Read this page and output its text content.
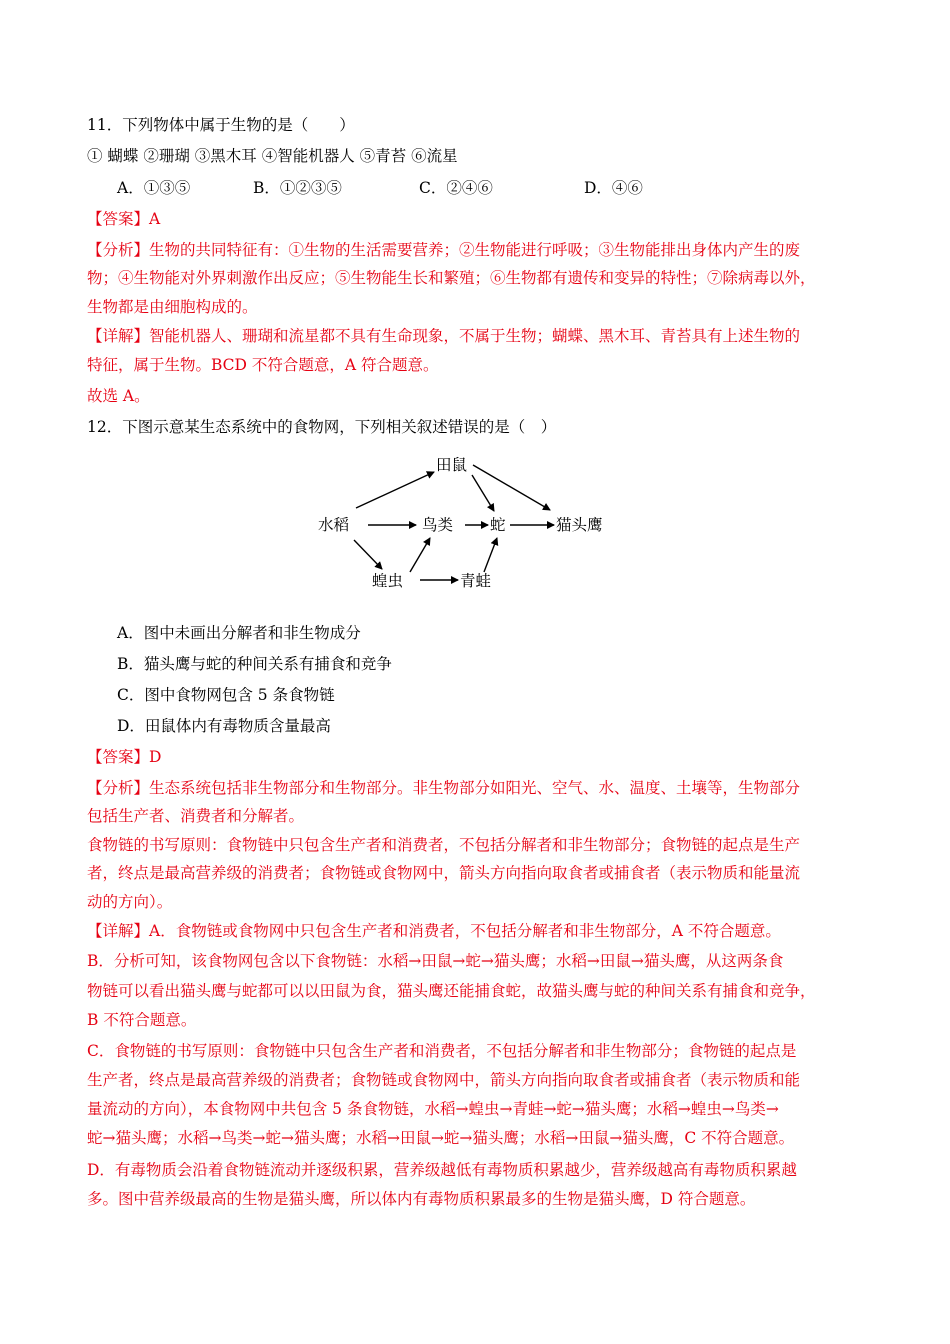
11．下列物体中属于生物的是（　　）
① 蝴蝶 ②珊瑚 ③黑木耳 ④智能机器人 ⑤青苔 ⑥流星
A．①③⑤	B．①②③⑤	C．②④⑥	D．④⑥
【答案】A
【分析】生物的共同特征有：①生物的生活需要营养；②生物能进行呼吸；③生物能排出身体内产生的废
物；④生物能对外界刺激作出反应；⑤生物能生长和繁殖；⑥生物都有遗传和变异的特性；⑦除病毒以外，
生物都是由细胞构成的。
【详解】智能机器人、珊瑚和流星都不具有生命现象，不属于生物；蝴蝶、黑木耳、青苔具有上述生物的
特征，属于生物。BCD 不符合题意，A 符合题意。
故选 A。
12．下图示意某生态系统中的食物网，下列相关叙述错误的是（　）
田鼠
水稻	鸟类 蛇	猫头鹰
蝗虫	青蛙
A．图中未画出分解者和非生物成分
B．猫头鹰与蛇的种间关系有捕食和竞争
C．图中食物网包含 5 条食物链
D．田鼠体内有毒物质含量最高
【答案】D
【分析】生态系统包括非生物部分和生物部分。非生物部分如阳光、空气、水、温度、土壤等，生物部分
包括生产者、消费者和分解者。
食物链的书写原则：食物链中只包含生产者和消费者，不包括分解者和非生物部分；食物链的起点是生产
者，终点是最高营养级的消费者；食物链或食物网中，箭头方向指向取食者或捕食者（表示物质和能量流
动的方向）。
【详解】A．食物链或食物网中只包含生产者和消费者，不包括分解者和非生物部分，A 不符合题意。
B．分析可知，该食物网包含以下食物链：水稻→田鼠→蛇→猫头鹰；水稻→田鼠→猫头鹰，从这两条食
物链可以看出猫头鹰与蛇都可以以田鼠为食，猫头鹰还能捕食蛇，故猫头鹰与蛇的种间关系有捕食和竞争，
B 不符合题意。
C．食物链的书写原则：食物链中只包含生产者和消费者，不包括分解者和非生物部分；食物链的起点是
生产者，终点是最高营养级的消费者；食物链或食物网中，箭头方向指向取食者或捕食者（表示物质和能
量流动的方向），本食物网中共包含 5 条食物链，水稻→蝗虫→青蛙→蛇→猫头鹰；水稻→蝗虫→鸟类→
蛇→猫头鹰；水稻→鸟类→蛇→猫头鹰；水稻→田鼠→蛇→猫头鹰；水稻→田鼠→猫头鹰，C 不符合题意。
D．有毒物质会沿着食物链流动并逐级积累，营养级越低有毒物质积累越少，营养级越高有毒物质积累越
多。图中营养级最高的生物是猫头鹰，所以体内有毒物质积累最多的生物是猫头鹰，D 符合题意。
